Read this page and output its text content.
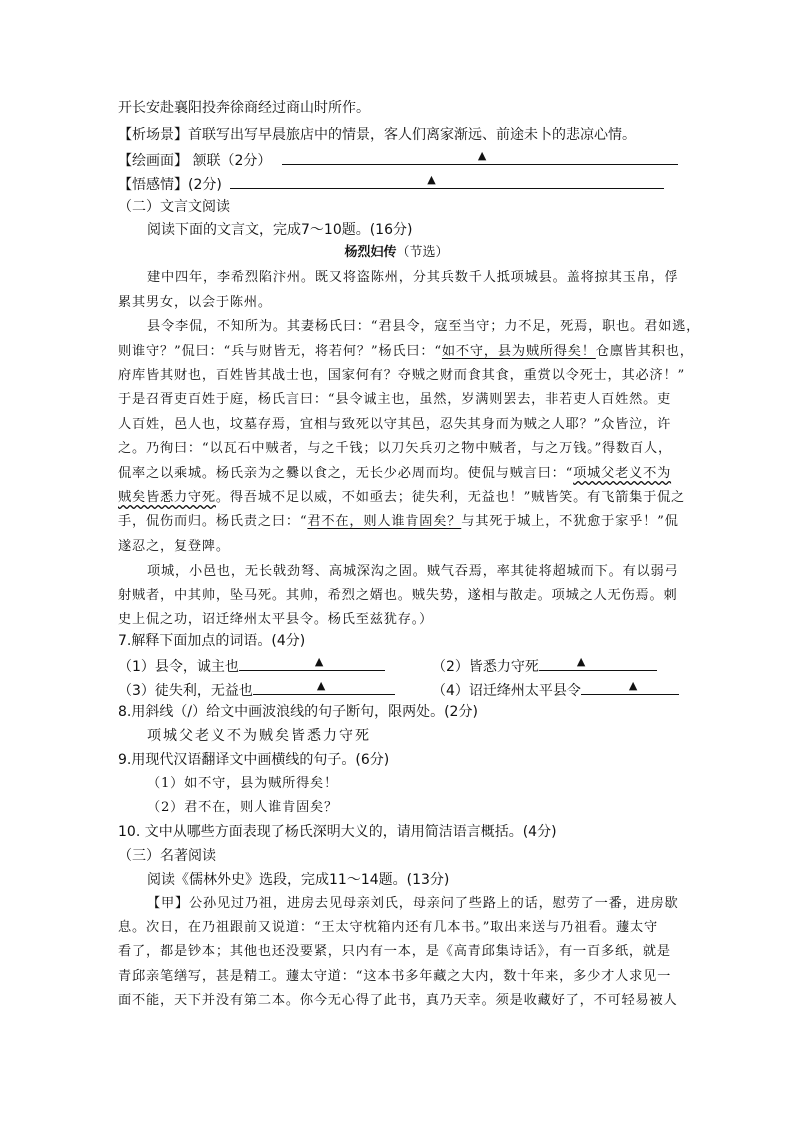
开长安赴襄阳投奔徐商经过商山时所作。
【析场景】首联写出写早晨旅店中的情景，客人们离家渐远、前途未卜的悲凉心情。
【绘画面】 颔联（2分）	▲
【悟感情】(2分)	▲
（二）文言文阅读
阅读下面的文言文，完成7～10题。(16分)
杨烈妇传（节选）
建中四年，李希烈陷汴州。既又将盗陈州，分其兵数千人抵项城县。盖将掠其玉帛，俘
累其男女，以会于陈州。
县令李侃，不知所为。其妻杨氏曰：“君县令，寇至当守；力不足，死焉，职也。君如逃，
则谁守？”侃曰：“兵与财皆无，将若何？”杨氏曰：“如不守，县为贼所得矣！仓廪皆其积也，
府库皆其财也，百姓皆其战士也，国家何有？夺贼之财而食其食，重赏以令死士，其必济！”
于是召胥吏百姓于庭，杨氏言曰：“县令诚主也，虽然，岁满则罢去，非若吏人百姓然。吏
人百姓，邑人也，坟墓存焉，宜相与致死以守其邑，忍失其身而为贼之人耶？”众皆泣，许
之。乃徇曰：“以瓦石中贼者，与之千钱；以刀矢兵刃之物中贼者，与之万钱。”得数百人，
侃率之以乘城。杨氏亲为之爨以食之，无长少必周而均。使侃与贼言曰：“项城父老义不为
贼矣皆悉力守死。得吾城不足以威，不如亟去；徒失利，无益也！”贼皆笑。有飞箭集于侃之
手，侃伤而归。杨氏责之曰：“君不在，则人谁肯固矣？与其死于城上，不犹愈于家乎！”侃
遂忍之，复登陴。
项城，小邑也，无长戟劲弩、高城深沟之固。贼气吞焉，率其徒将超城而下。有以弱弓
射贼者，中其帅，坠马死。其帅，希烈之婿也。贼失势，遂相与散走。项城之人无伤焉。刺
史上侃之功，诏迁绛州太平县令。杨氏至兹犹存。）
7.解释下面加点的词语。(4分)
（1）县令，诚主也	▲	（2）皆悉力守死	▲
（3）徒失利，无益也	▲	（4）诏迁绛州太平县令	▲
8.用斜线（/）给文中画波浪线的句子断句，限两处。(2分)
项城父老义不为贼矣皆悉力守死
9.用现代汉语翻译文中画横线的句子。(6分)
（1）如不守，县为贼所得矣！
（2）君不在，则人谁肯固矣？
10. 文中从哪些方面表现了杨氏深明大义的，请用简洁语言概括。(4分)
（三）名著阅读
阅读《儒林外史》选段，完成11～14题。(13分)
【甲】公孙见过乃祖，进房去见母亲刘氏，母亲问了些路上的话，慰劳了一番，进房歇
息。次日，在乃祖跟前又说道：“王太守枕箱内还有几本书。”取出来送与乃祖看。蘧太守
看了，都是钞本；其他也还没要紧，只内有一本，是《高青邱集诗话》，有一百多纸，就是
青邱亲笔缮写，甚是精工。蘧太守道：“这本书多年藏之大内，数十年来，多少才人求见一
面不能，天下并没有第二本。你今无心得了此书，真乃天幸。须是收藏好了，不可轻易被人
